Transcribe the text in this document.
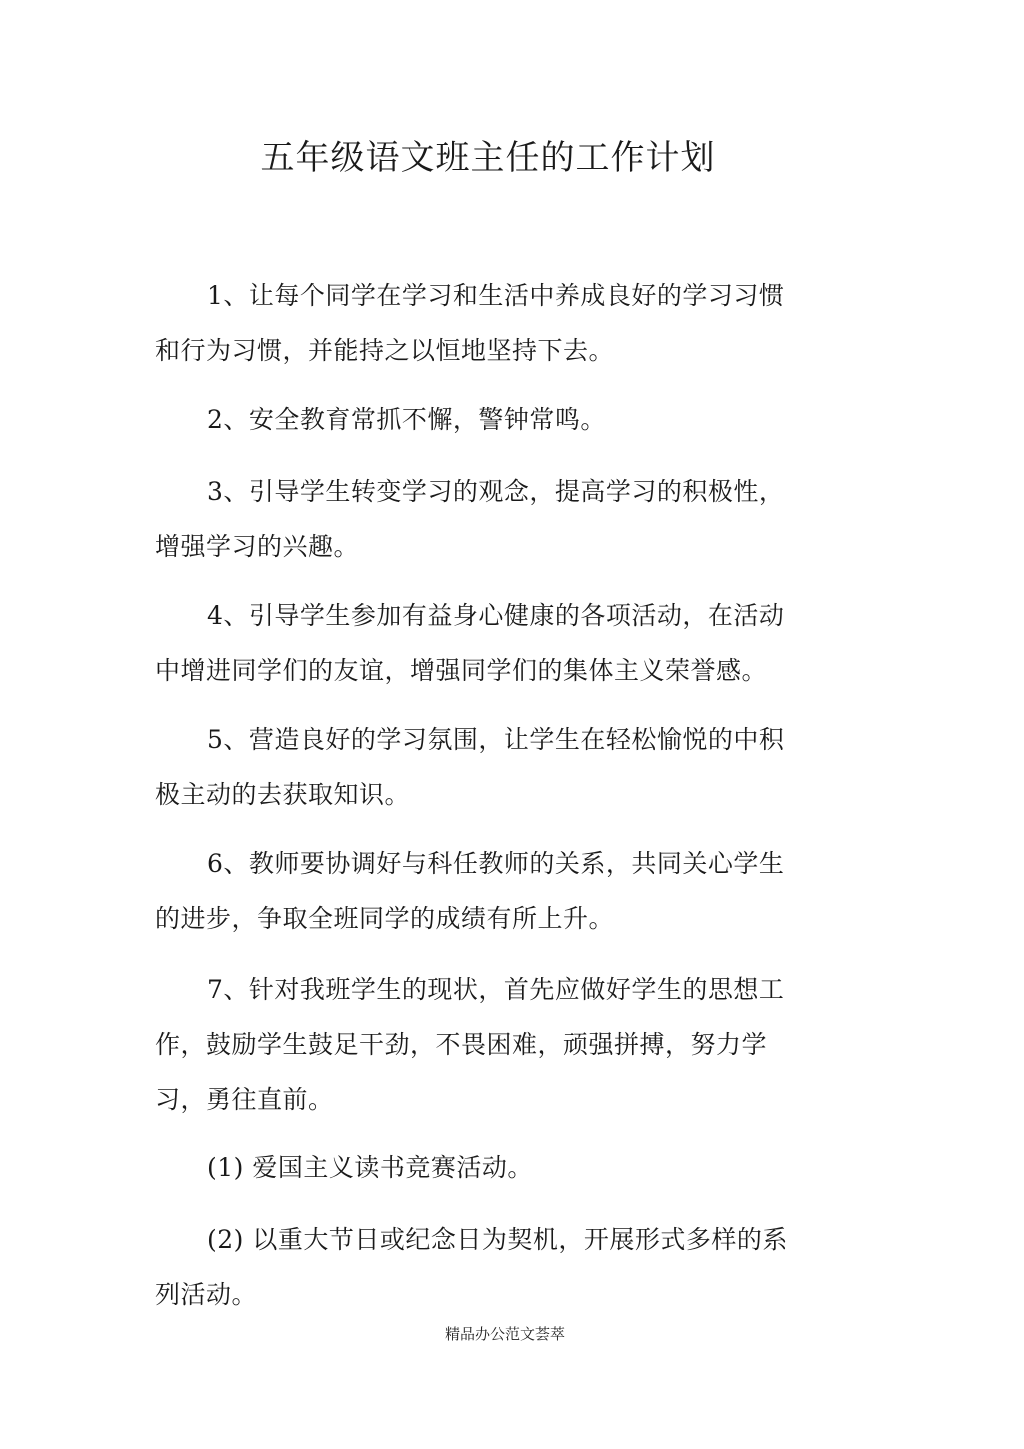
五年级语文班主任的工作计划

1、让每个同学在学习和生活中养成良好的学习习惯和行为习惯，并能持之以恒地坚持下去。

2、安全教育常抓不懈，警钟常鸣。

3、引导学生转变学习的观念，提高学习的积极性，增强学习的兴趣。

4、引导学生参加有益身心健康的各项活动，在活动中增进同学们的友谊，增强同学们的集体主义荣誉感。

5、营造良好的学习氛围，让学生在轻松愉悦的中积极主动的去获取知识。

6、教师要协调好与科任教师的关系，共同关心学生的进步，争取全班同学的成绩有所上升。

7、针对我班学生的现状，首先应做好学生的思想工作，鼓励学生鼓足干劲，不畏困难，顽强拼搏，努力学习，勇往直前。

(1) 爱国主义读书竞赛活动。

(2) 以重大节日或纪念日为契机，开展形式多样的系列活动。

精品办公范文荟萃
